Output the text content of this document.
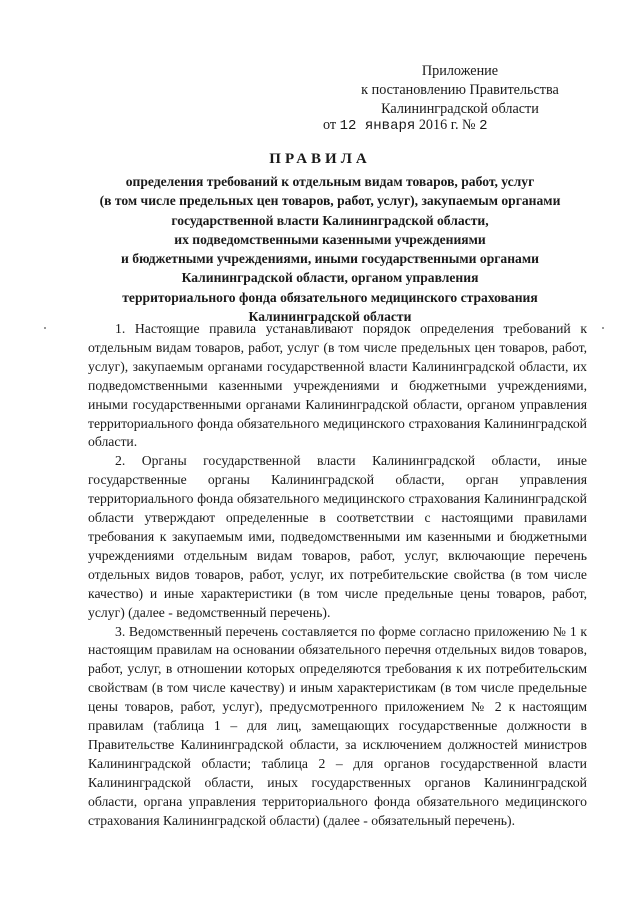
Приложение
к постановлению Правительства
Калининградской области
от 12 января 2016 г. № 2
ПРАВИЛА
определения требований к отдельным видам товаров, работ, услуг
(в том числе предельных цен товаров, работ, услуг), закупаемым органами
государственной власти Калининградской области,
их подведомственными казенными учреждениями
и бюджетными учреждениями, иными государственными органами
Калининградской области, органом управления
территориального фонда обязательного медицинского страхования
Калининградской области

1. Настоящие правила устанавливают порядок определения требований к отдельным видам товаров, работ, услуг (в том числе предельных цен товаров, работ, услуг), закупаемым органами государственной власти Калининградской области, их подведомственными казенными учреждениями и бюджетными учреждениями, иными государственными органами Калининградской области, органом управления территориального фонда обязательного медицинского страхования Калининградской области.

2. Органы государственной власти Калининградской области, иные государственные органы Калининградской области, орган управления территориального фонда обязательного медицинского страхования Калининградской области утверждают определенные в соответствии с настоящими правилами требования к закупаемым ими, подведомственными им казенными и бюджетными учреждениями отдельным видам товаров, работ, услуг, включающие перечень отдельных видов товаров, работ, услуг, их потребительские свойства (в том числе качество) и иные характеристики (в том числе предельные цены товаров, работ, услуг) (далее - ведомственный перечень).

3. Ведомственный перечень составляется по форме согласно приложению № 1 к настоящим правилам на основании обязательного перечня отдельных видов товаров, работ, услуг, в отношении которых определяются требования к их потребительским свойствам (в том числе качеству) и иным характеристикам (в том числе предельные цены товаров, работ, услуг), предусмотренного приложением № 2 к настоящим правилам (таблица 1 – для лиц, замещающих государственные должности в Правительстве Калининградской области, за исключением должностей министров Калининградской области; таблица 2 – для органов государственной власти Калининградской области, иных государственных органов Калининградской области, органа управления территориального фонда обязательного медицинского страхования Калининградской области) (далее - обязательный перечень).
